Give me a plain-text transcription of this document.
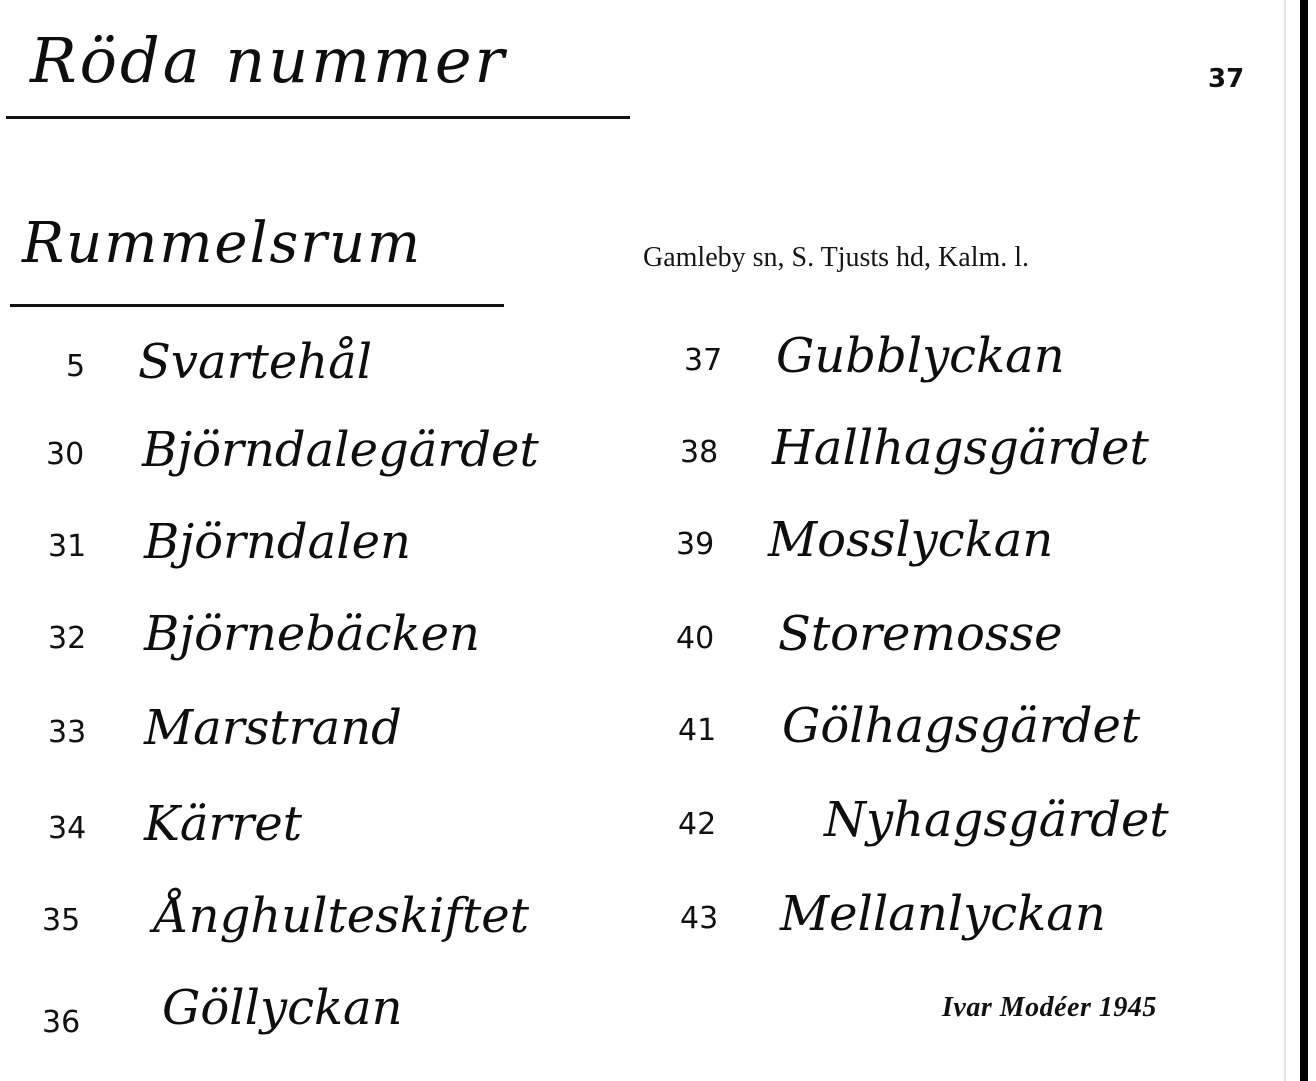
Röda nummer	37
Rummelsrum	Gamleby sn, S. Tjusts hd, Kalm. l.
5 Svartehål
30 Björndalegärdet
31 Björndalen
32 Björnebäcken
33 Marstrand
34 Kärret
35 Ånghulteskiftet
36 Göllyckan
37 Gubblyckan
38 Hallhagsgärdet
39 Mosslyckan
40 Storemosse
41 Gölhagsgärdet
42 Nyhagsgärdet
43 Mellanlyckan
Ivar Modéer 1945
